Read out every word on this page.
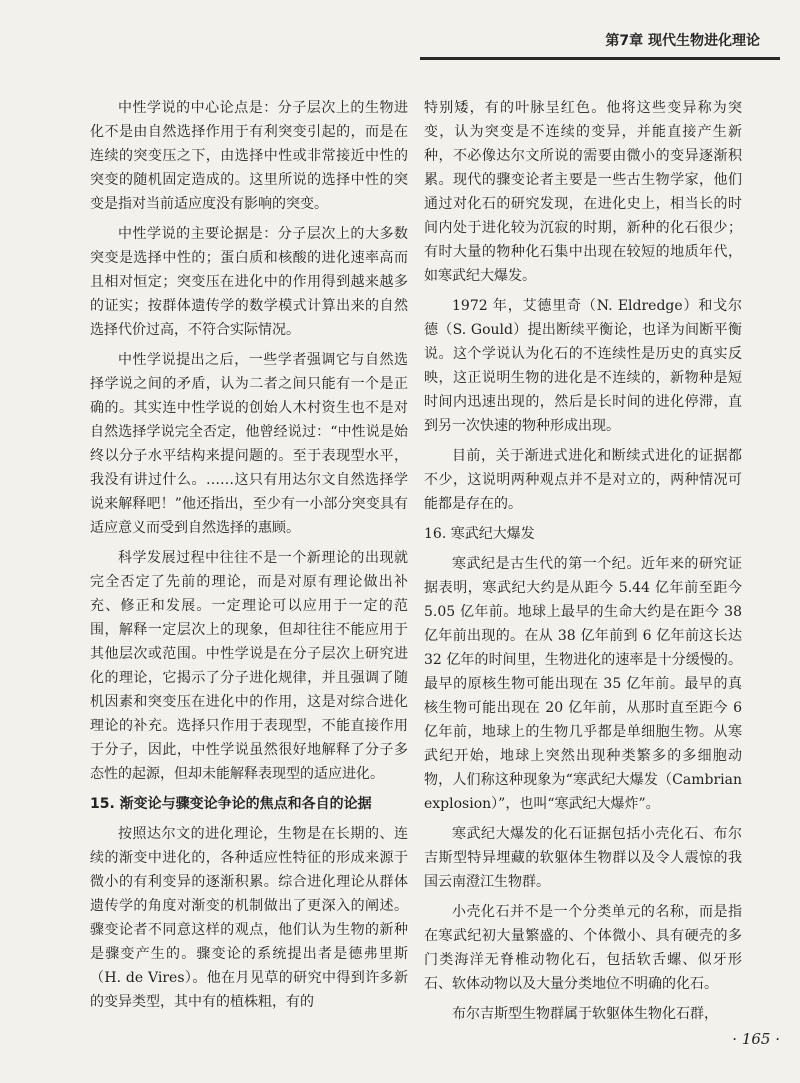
第7章 现代生物进化理论

中性学说的中心论点是：分子层次上的生物进化不是由自然选择作用于有利突变引起的，而是在连续的突变压之下，由选择中性或非常接近中性的突变的随机固定造成的。这里所说的选择中性的突变是指对当前适应度没有影响的突变。

中性学说的主要论据是：分子层次上的大多数突变是选择中性的；蛋白质和核酸的进化速率高而且相对恒定；突变压在进化中的作用得到越来越多的证实；按群体遗传学的数学模式计算出来的自然选择代价过高，不符合实际情况。

中性学说提出之后，一些学者强调它与自然选择学说之间的矛盾，认为二者之间只能有一个是正确的。其实连中性学说的创始人木村资生也不是对自然选择学说完全否定，他曾经说过：“中性说是始终以分子水平结构来提问题的。至于表现型水平，我没有讲过什么。……这只有用达尔文自然选择学说来解释吧！”他还指出，至少有一小部分突变具有适应意义而受到自然选择的惠顾。

科学发展过程中往往不是一个新理论的出现就完全否定了先前的理论，而是对原有理论做出补充、修正和发展。一定理论可以应用于一定的范围，解释一定层次上的现象，但却往往不能应用于其他层次或范围。中性学说是在分子层次上研究进化的理论，它揭示了分子进化规律，并且强调了随机因素和突变压在进化中的作用，这是对综合进化理论的补充。选择只作用于表现型，不能直接作用于分子，因此，中性学说虽然很好地解释了分子多态性的起源，但却未能解释表现型的适应进化。

15. 渐变论与骤变论争论的焦点和各自的论据

按照达尔文的进化理论，生物是在长期的、连续的渐变中进化的，各种适应性特征的形成来源于微小的有利变异的逐渐积累。综合进化理论从群体遗传学的角度对渐变的机制做出了更深入的阐述。骤变论者不同意这样的观点，他们认为生物的新种是骤变产生的。骤变论的系统提出者是德弗里斯（H. de Vires）。他在月见草的研究中得到许多新的变异类型，其中有的植株粗，有的

特别矮，有的叶脉呈红色。他将这些变异称为突变，认为突变是不连续的变异，并能直接产生新种，不必像达尔文所说的需要由微小的变异逐渐积累。现代的骤变论者主要是一些古生物学家，他们通过对化石的研究发现，在进化史上，相当长的时间内处于进化较为沉寂的时期，新种的化石很少；有时大量的物种化石集中出现在较短的地质年代，如寒武纪大爆发。

1972 年，艾德里奇（N. Eldredge）和戈尔德（S. Gould）提出断续平衡论，也译为间断平衡说。这个学说认为化石的不连续性是历史的真实反映，这正说明生物的进化是不连续的，新物种是短时间内迅速出现的，然后是长时间的进化停滞，直到另一次快速的物种形成出现。

目前，关于渐进式进化和断续式进化的证据都不少，这说明两种观点并不是对立的，两种情况可能都是存在的。

16. 寒武纪大爆发

寒武纪是古生代的第一个纪。近年来的研究证据表明，寒武纪大约是从距今 5.44 亿年前至距今 5.05 亿年前。地球上最早的生命大约是在距今 38 亿年前出现的。在从 38 亿年前到 6 亿年前这长达 32 亿年的时间里，生物进化的速率是十分缓慢的。最早的原核生物可能出现在 35 亿年前。最早的真核生物可能出现在 20 亿年前，从那时直至距今 6 亿年前，地球上的生物几乎都是单细胞生物。从寒武纪开始，地球上突然出现种类繁多的多细胞动物，人们称这种现象为“寒武纪大爆发（Cambrian explosion）”，也叫“寒武纪大爆炸”。

寒武纪大爆发的化石证据包括小壳化石、布尔吉斯型特异埋藏的软躯体生物群以及令人震惊的我国云南澄江生物群。

小壳化石并不是一个分类单元的名称，而是指在寒武纪初大量繁盛的、个体微小、具有硬壳的多门类海洋无脊椎动物化石，包括软舌螺、似牙形石、软体动物以及大量分类地位不明确的化石。

布尔吉斯型生物群属于软躯体生物化石群，

· 165 ·
